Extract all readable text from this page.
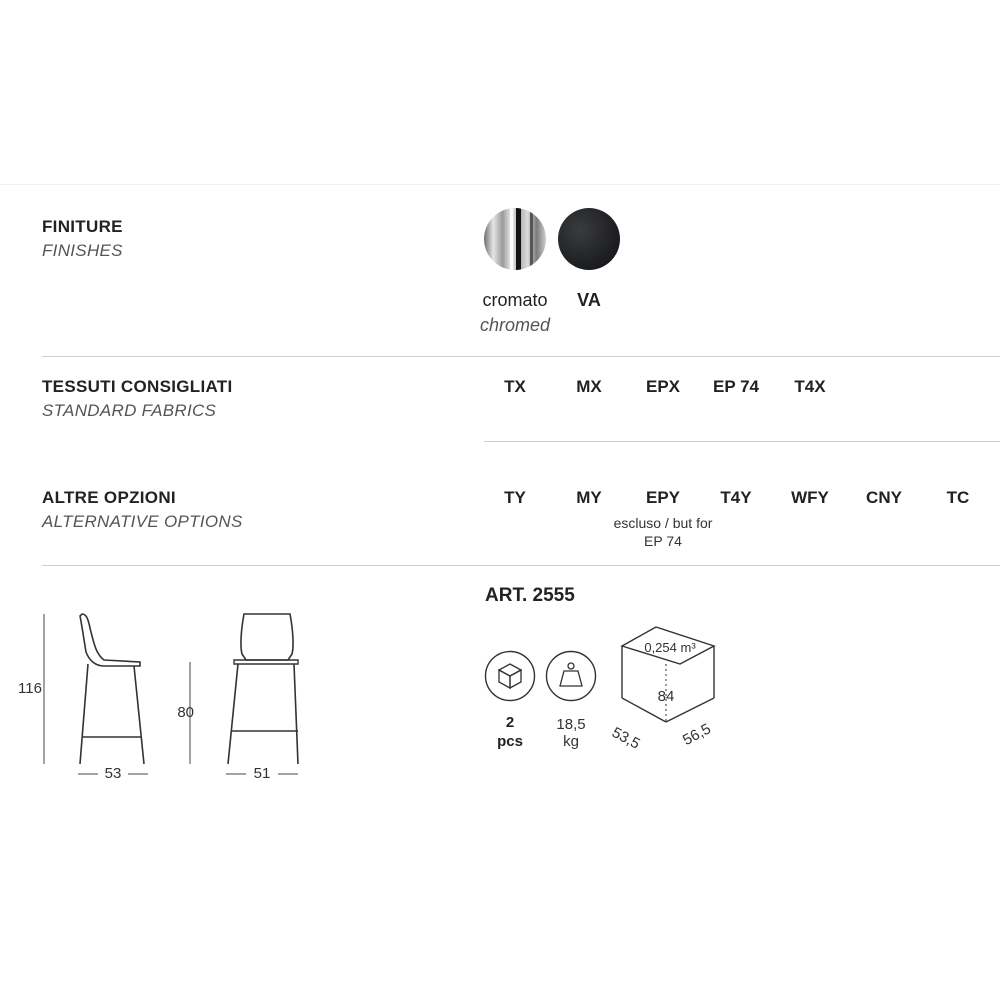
FINITURE
FINISHES
cromato
chromed
VA
TESSUTI CONSIGLIATI
STANDARD FABRICS
TX	MX	EPX	EP 74	T4X
ALTRE OPZIONI
ALTERNATIVE OPTIONS
TY	MY	EPY	T4Y	WFY	CNY	TC
escluso / but for
EP 74
ART. 2555
2
pcs
18,5
kg
0,254 m³
84
53,5 56,5
116
80
53	51
